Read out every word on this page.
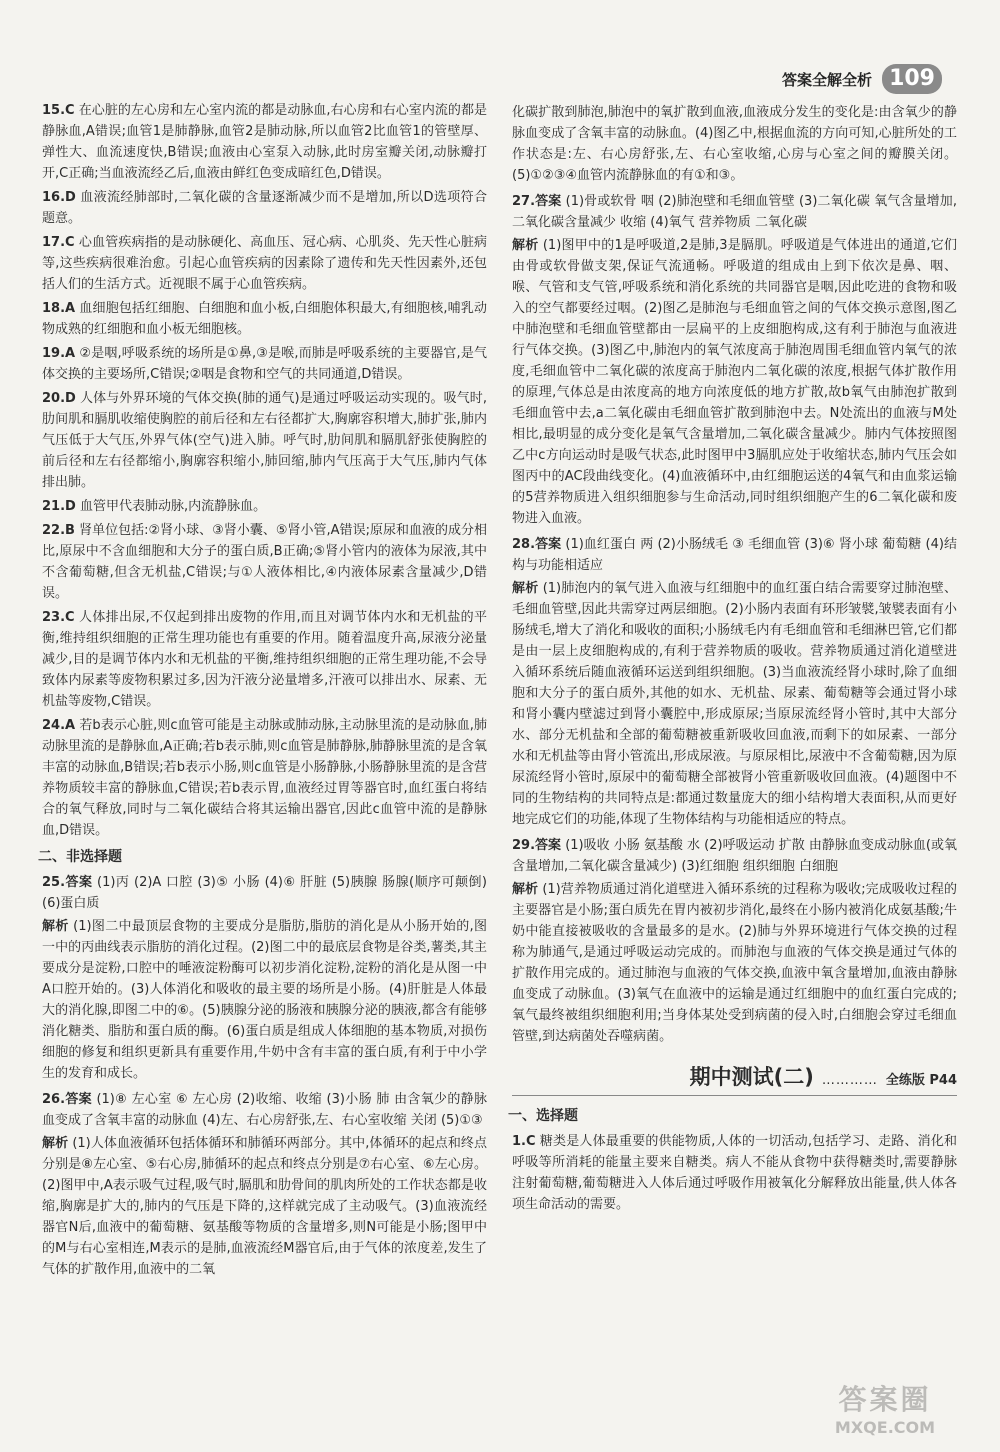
答案全解全析 109
15.C 在心脏的左心房和左心室内流的都是动脉血,右心房和右心室内流的都是静脉血,A错误;血管1是肺静脉,血管2是肺动脉,所以血管2比血管1的管壁厚、弹性大、血流速度快,B错误;血液由心室泵入动脉,此时房室瓣关闭,动脉瓣打开,C正确;当血液流经乙后,血液由鲜红色变成暗红色,D错误。
16.D 血液流经肺部时,二氧化碳的含量逐渐减少而不是增加,所以D选项符合题意。
17.C 心血管疾病指的是动脉硬化、高血压、冠心病、心肌炎、先天性心脏病等,这些疾病很难治愈。引起心血管疾病的因素除了遗传和先天性因素外,还包括人们的生活方式。近视眼不属于心血管疾病。
18.A 血细胞包括红细胞、白细胞和血小板,白细胞体积最大,有细胞核,哺乳动物成熟的红细胞和血小板无细胞核。
19.A ②是咽,呼吸系统的场所是①鼻,③是喉,而肺是呼吸系统的主要器官,是气体交换的主要场所,C错误;②咽是食物和空气的共同通道,D错误。
20.D 人体与外界环境的气体交换(肺的通气)是通过呼吸运动实现的。吸气时,肋间肌和膈肌收缩使胸腔的前后径和左右径都扩大,胸廓容积增大,肺扩张,肺内气压低于大气压,外界气体(空气)进入肺。呼气时,肋间肌和膈肌舒张使胸腔的前后径和左右径都缩小,胸廓容积缩小,肺回缩,肺内气压高于大气压,肺内气体排出肺。
21.D 血管甲代表肺动脉,内流静脉血。
22.B 肾单位包括:②肾小球、③肾小囊、⑤肾小管,A错误;原尿和血液的成分相比,原尿中不含血细胞和大分子的蛋白质,B正确;⑤肾小管内的液体为尿液,其中不含葡萄糖,但含无机盐,C错误;与①人液体相比,④内液体尿素含量减少,D错误。
23.C 人体排出尿,不仅起到排出废物的作用,而且对调节体内水和无机盐的平衡,维持组织细胞的正常生理功能也有重要的作用。随着温度升高,尿液分泌量减少,目的是调节体内水和无机盐的平衡,维持组织细胞的正常生理功能,不会导致体内尿素等废物积累过多,因为汗液分泌量增多,汗液可以排出水、尿素、无机盐等废物,C错误。
24.A 若b表示心脏,则c血管可能是主动脉或肺动脉,主动脉里流的是动脉血,肺动脉里流的是静脉血,A正确;若b表示肺,则c血管是肺静脉,肺静脉里流的是含氧丰富的动脉血,B错误;若b表示小肠,则c血管是小肠静脉,小肠静脉里流的是含营养物质较丰富的静脉血,C错误;若b表示胃,血液经过胃等器官时,血红蛋白将结合的氧气释放,同时与二氧化碳结合将其运输出器官,因此c血管中流的是静脉血,D错误。
二、非选择题
25.答案 (1)丙 (2)A 口腔 (3)⑤ 小肠 (4)⑥ 肝脏 (5)胰腺 肠腺(顺序可颠倒) (6)蛋白质
解析 (1)图二中最顶层食物的主要成分是脂肪,脂肪的消化是从小肠开始的,图一中的丙曲线表示脂肪的消化过程。(2)图二中的最底层食物是谷类,薯类,其主要成分是淀粉,口腔中的唾液淀粉酶可以初步消化淀粉,淀粉的消化是从图一中A口腔开始的。(3)人体消化和吸收的最主要的场所是小肠。(4)肝脏是人体最大的消化腺,即图二中的⑥。(5)胰腺分泌的肠液和胰腺分泌的胰液,都含有能够消化糖类、脂肪和蛋白质的酶。(6)蛋白质是组成人体细胞的基本物质,对损伤细胞的修复和组织更新具有重要作用,牛奶中含有丰富的蛋白质,有利于中小学生的发育和成长。
26.答案 (1)⑧ 左心室 ⑥ 左心房 (2)收缩、收缩 (3)小肠 肺 由含氧少的静脉血变成了含氧丰富的动脉血 (4)左、右心房舒张,左、右心室收缩 关闭 (5)①③
解析 (1)人体血液循环包括体循环和肺循环两部分。其中,体循环的起点和终点分别是⑧左心室、⑤右心房,肺循环的起点和终点分别是⑦右心室、⑥左心房。(2)图甲中,A表示吸气过程,吸气时,膈肌和肋骨间的肌肉所处的工作状态都是收缩,胸廓是扩大的,肺内的气压是下降的,这样就完成了主动吸气。(3)血液流经器官N后,血液中的葡萄糖、氨基酸等物质的含量增多,则N可能是小肠;图甲中的M与右心室相连,M表示的是肺,血液流经M器官后,由于气体的浓度差,发生了气体的扩散作用,血液中的二氧
化碳扩散到肺泡,肺泡中的氧扩散到血液,血液成分发生的变化是:由含氧少的静脉血变成了含氧丰富的动脉血。(4)图乙中,根据血流的方向可知,心脏所处的工作状态是:左、右心房舒张,左、右心室收缩,心房与心室之间的瓣膜关闭。(5)①②③④血管内流静脉血的有①和③。
27.答案 (1)骨或软骨 咽 (2)肺泡壁和毛细血管壁 (3)二氧化碳 氧气含量增加,二氧化碳含量减少 收缩 (4)氧气 营养物质 二氧化碳
解析 (1)图甲中的1是呼吸道,2是肺,3是膈肌。呼吸道是气体进出的通道,它们由骨或软骨做支架,保证气流通畅。呼吸道的组成由上到下依次是鼻、咽、喉、气管和支气管,呼吸系统和消化系统的共同器官是咽,因此吃进的食物和吸入的空气都要经过咽。(2)图乙是肺泡与毛细血管之间的气体交换示意图,图乙中肺泡壁和毛细血管壁都由一层扁平的上皮细胞构成,这有利于肺泡与血液进行气体交换。(3)图乙中,肺泡内的氧气浓度高于肺泡周围毛细血管内氧气的浓度,毛细血管中二氧化碳的浓度高于肺泡内二氧化碳的浓度,根据气体扩散作用的原理,气体总是由浓度高的地方向浓度低的地方扩散,故b氧气由肺泡扩散到毛细血管中去,a二氧化碳由毛细血管扩散到肺泡中去。N处流出的血液与M处相比,最明显的成分变化是氧气含量增加,二氧化碳含量减少。肺内气体按照图乙中c方向运动时是吸气状态,此时图甲中3膈肌应处于收缩状态,肺内气压会如图丙中的AC段曲线变化。(4)血液循环中,由红细胞运送的4氧气和由血浆运输的5营养物质进入组织细胞参与生命活动,同时组织细胞产生的6二氧化碳和废物进入血液。
28.答案 (1)血红蛋白 两 (2)小肠绒毛 ③ 毛细血管 (3)⑥ 肾小球 葡萄糖 (4)结构与功能相适应
解析 (1)肺泡内的氧气进入血液与红细胞中的血红蛋白结合需要穿过肺泡壁、毛细血管壁,因此共需穿过两层细胞。(2)小肠内表面有环形皱襞,皱襞表面有小肠绒毛,增大了消化和吸收的面积;小肠绒毛内有毛细血管和毛细淋巴管,它们都是由一层上皮细胞构成的,有利于营养物质的吸收。营养物质通过消化道壁进入循环系统后随血液循环运送到组织细胞。(3)当血液流经肾小球时,除了血细胞和大分子的蛋白质外,其他的如水、无机盐、尿素、葡萄糖等会通过肾小球和肾小囊内壁滤过到肾小囊腔中,形成原尿;当原尿流经肾小管时,其中大部分水、部分无机盐和全部的葡萄糖被重新吸收回血液,而剩下的如尿素、一部分水和无机盐等由肾小管流出,形成尿液。与原尿相比,尿液中不含葡萄糖,因为原尿流经肾小管时,原尿中的葡萄糖全部被肾小管重新吸收回血液。(4)题图中不同的生物结构的共同特点是:都通过数量庞大的细小结构增大表面积,从而更好地完成它们的功能,体现了生物体结构与功能相适应的特点。
29.答案 (1)吸收 小肠 氨基酸 水 (2)呼吸运动 扩散 由静脉血变成动脉血(或氧含量增加,二氧化碳含量减少) (3)红细胞 组织细胞 白细胞
解析 (1)营养物质通过消化道壁进入循环系统的过程称为吸收;完成吸收过程的主要器官是小肠;蛋白质先在胃内被初步消化,最终在小肠内被消化成氨基酸;牛奶中能直接被吸收的含量最多的是水。(2)肺与外界环境进行气体交换的过程称为肺通气,是通过呼吸运动完成的。而肺泡与血液的气体交换是通过气体的扩散作用完成的。通过肺泡与血液的气体交换,血液中氧含量增加,血液由静脉血变成了动脉血。(3)氧气在血液中的运输是通过红细胞中的血红蛋白完成的;氧气最终被组织细胞利用;当身体某处受到病菌的侵入时,白细胞会穿过毛细血管壁,到达病菌处吞噬病菌。
期中测试(二) ………… 全练版 P44
一、选择题
1.C 糖类是人体最重要的供能物质,人体的一切活动,包括学习、走路、消化和呼吸等所消耗的能量主要来自糖类。病人不能从食物中获得糖类时,需要静脉注射葡萄糖,葡萄糖进入人体后通过呼吸作用被氧化分解释放出能量,供人体各项生命活动的需要。
答案圈
MXQE.COM
